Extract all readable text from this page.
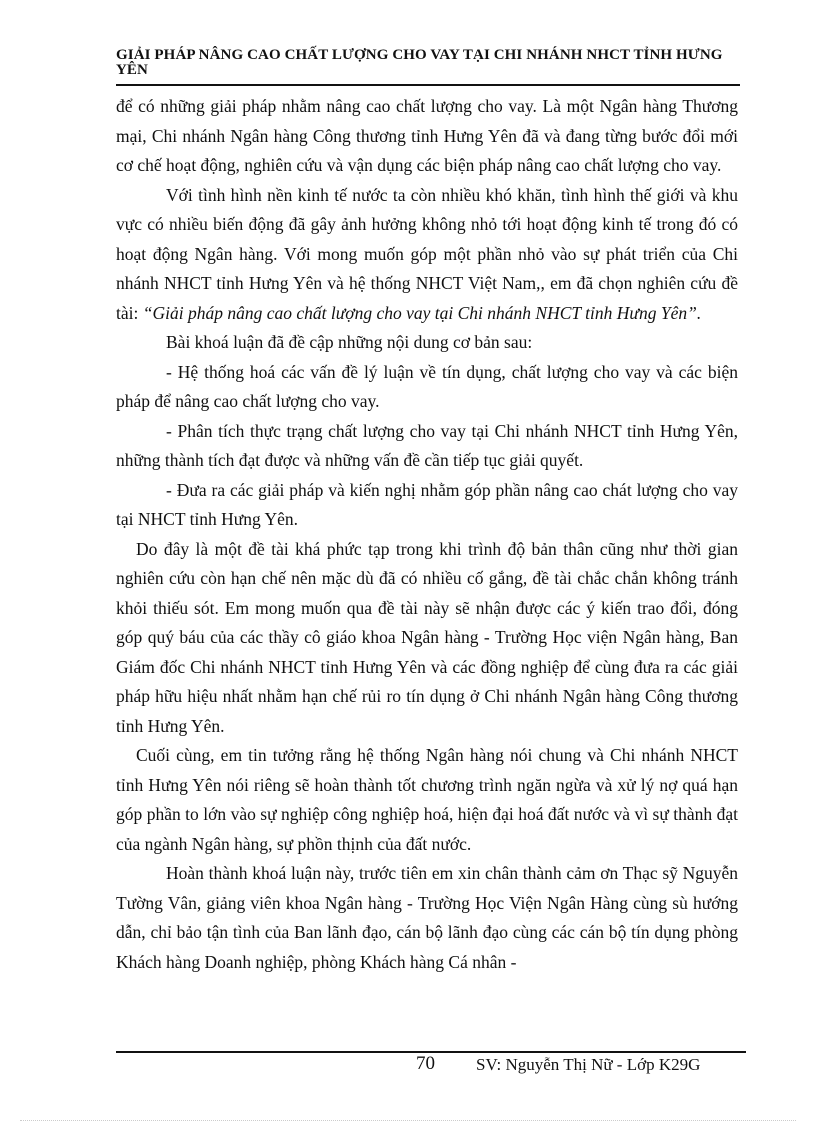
GIẢI PHÁP NÂNG CAO CHẤT LƯỢNG CHO VAY TẠI CHI NHÁNH NHCT TỈNH HƯNG YÊN

để có những giải pháp nhằm nâng cao chất lượng cho vay. Là một Ngân hàng Thương mại, Chi nhánh Ngân hàng Công thương tỉnh Hưng Yên đã và đang từng bước đổi mới cơ chế hoạt động, nghiên cứu và vận dụng các biện pháp nâng cao chất lượng cho vay.

Với tình hình nền kinh tế nước ta còn nhiều khó khăn, tình hình thế giới và khu vực có nhiều biến động đã gây ảnh hưởng không nhỏ tới hoạt động kinh tế trong đó có hoạt động Ngân hàng. Với mong muốn góp một phần nhỏ vào sự phát triển của Chi nhánh NHCT tỉnh Hưng Yên và hệ thống NHCT Việt Nam,, em đã chọn nghiên cứu đề tài: “Giải pháp nâng cao chất lượng cho vay tại Chi nhánh NHCT tỉnh Hưng Yên”.

Bài khoá luận đã đề cập những nội dung cơ bản sau:

- Hệ thống hoá các vấn đề lý luận về tín dụng, chất lượng cho vay và các biện pháp để nâng cao chất lượng cho vay.

- Phân tích thực trạng chất lượng cho vay tại Chi nhánh NHCT tỉnh Hưng Yên, những thành tích đạt được và những vấn đề cần tiếp tục giải quyết.

- Đưa ra các giải pháp và kiến nghị nhằm góp phần nâng cao chát lượng cho vay tại NHCT tỉnh Hưng Yên.

Do đây là một đề tài khá phức tạp trong khi trình độ bản thân cũng như thời gian nghiên cứu còn hạn chế nên mặc dù đã có nhiều cố gắng, đề tài chắc chắn không tránh khỏi thiếu sót. Em mong muốn qua đề tài này sẽ nhận được các ý kiến trao đổi, đóng góp quý báu của các thầy cô giáo khoa Ngân hàng - Trường Học viện Ngân hàng, Ban Giám đốc Chi nhánh NHCT tỉnh Hưng Yên và các đồng nghiệp để cùng đưa ra các giải pháp hữu hiệu nhất nhằm hạn chế rủi ro tín dụng ở Chi nhánh Ngân hàng Công thương tỉnh Hưng Yên.

Cuối cùng, em tin tưởng rằng hệ thống Ngân hàng nói chung và Chi nhánh NHCT tỉnh Hưng Yên nói riêng sẽ hoàn thành tốt chương trình ngăn ngừa và xử lý nợ quá hạn góp phần to lớn vào sự nghiệp công nghiệp hoá, hiện đại hoá đất nước và vì sự thành đạt của ngành Ngân hàng, sự phồn thịnh của đất nước.

Hoàn thành khoá luận này, trước tiên em xin chân thành cảm ơn Thạc sỹ Nguyễn Tường Vân, giảng viên khoa Ngân hàng - Trường Học Viện Ngân Hàng cùng sù hướng dẫn, chỉ bảo tận tình của Ban lãnh đạo, cán bộ lãnh đạo cùng các cán bộ tín dụng phòng Khách hàng Doanh nghiệp, phòng Khách hàng Cá nhân -

70 SV: Nguyễn Thị Nữ - Lớp K29G
